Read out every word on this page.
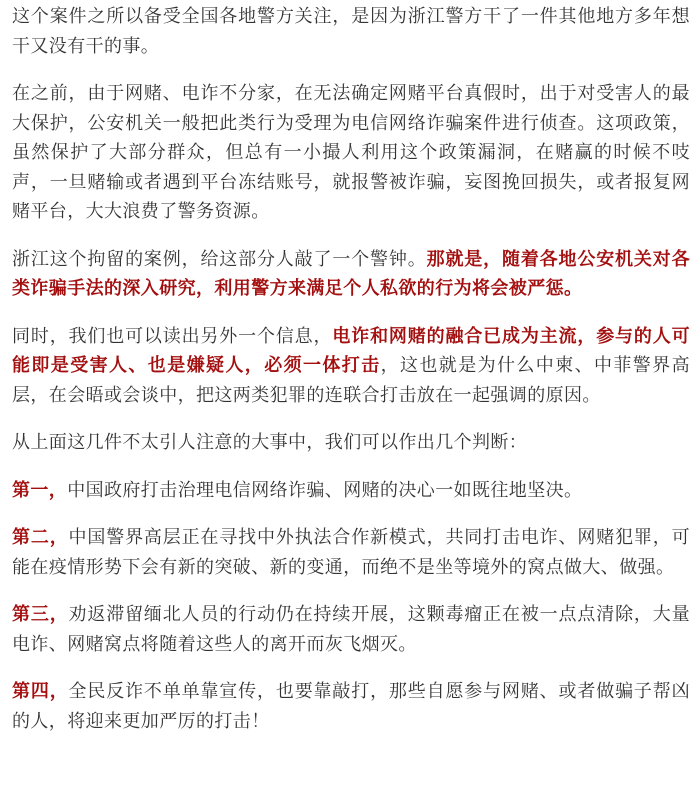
这个案件之所以备受全国各地警方关注，是因为浙江警方干了一件其他地方多年想干又没有干的事。

在之前，由于网赌、电诈不分家，在无法确定网赌平台真假时，出于对受害人的最大保护，公安机关一般把此类行为受理为电信网络诈骗案件进行侦查。这项政策，虽然保护了大部分群众，但总有一小撮人利用这个政策漏洞，在赌赢的时候不吱声，一旦赌输或者遇到平台冻结账号，就报警被诈骗，妄图挽回损失，或者报复网赌平台，大大浪费了警务资源。

浙江这个拘留的案例，给这部分人敲了一个警钟。那就是，随着各地公安机关对各类诈骗手法的深入研究，利用警方来满足个人私欲的行为将会被严惩。

同时，我们也可以读出另外一个信息，电诈和网赌的融合已成为主流，参与的人可能即是受害人、也是嫌疑人，必须一体打击，这也就是为什么中柬、中菲警界高层，在会晤或会谈中，把这两类犯罪的连联合打击放在一起强调的原因。

从上面这几件不太引人注意的大事中，我们可以作出几个判断：

第一，中国政府打击治理电信网络诈骗、网赌的决心一如既往地坚决。

第二，中国警界高层正在寻找中外执法合作新模式，共同打击电诈、网赌犯罪，可能在疫情形势下会有新的突破、新的变通，而绝不是坐等境外的窝点做大、做强。

第三，劝返滞留缅北人员的行动仍在持续开展，这颗毒瘤正在被一点点清除，大量电诈、网赌窝点将随着这些人的离开而灰飞烟灭。

第四，全民反诈不单单靠宣传，也要靠敲打，那些自愿参与网赌、或者做骗子帮凶的人，将迎来更加严厉的打击！
